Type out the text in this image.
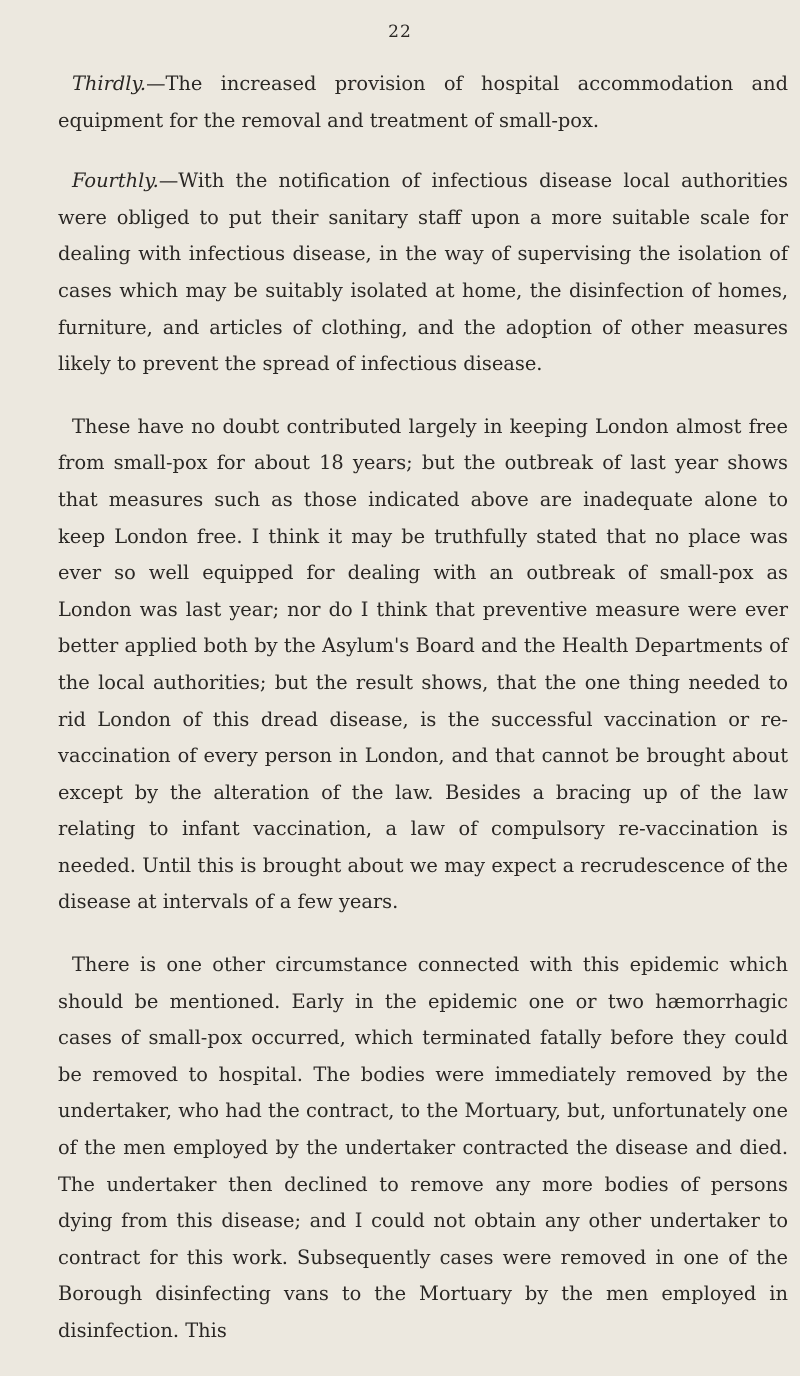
22

Thirdly.—The increased provision of hospital accommodation and equipment for the removal and treatment of small-pox.

Fourthly.—With the notification of infectious disease local authorities were obliged to put their sanitary staff upon a more suitable scale for dealing with infectious disease, in the way of supervising the isolation of cases which may be suitably isolated at home, the disinfection of homes, furniture, and articles of clothing, and the adoption of other measures likely to prevent the spread of infectious disease.

These have no doubt contributed largely in keeping London almost free from small-pox for about 18 years; but the outbreak of last year shows that measures such as those indicated above are inadequate alone to keep London free. I think it may be truthfully stated that no place was ever so well equipped for dealing with an outbreak of small-pox as London was last year; nor do I think that preventive measure were ever better applied both by the Asylum's Board and the Health Departments of the local authorities; but the result shows, that the one thing needed to rid London of this dread disease, is the successful vaccination or re-vaccination of every person in London, and that cannot be brought about except by the alteration of the law. Besides a bracing up of the law relating to infant vaccination, a law of compulsory re-vaccination is needed. Until this is brought about we may expect a recrudescence of the disease at intervals of a few years.

There is one other circumstance connected with this epidemic which should be mentioned. Early in the epidemic one or two hæmorrhagic cases of small-pox occurred, which terminated fatally before they could be removed to hospital. The bodies were immediately removed by the undertaker, who had the contract, to the Mortuary, but, unfortunately one of the men employed by the undertaker contracted the disease and died. The undertaker then declined to remove any more bodies of persons dying from this disease; and I could not obtain any other undertaker to contract for this work. Subsequently cases were removed in one of the Borough disinfecting vans to the Mortuary by the men employed in disinfection. This
